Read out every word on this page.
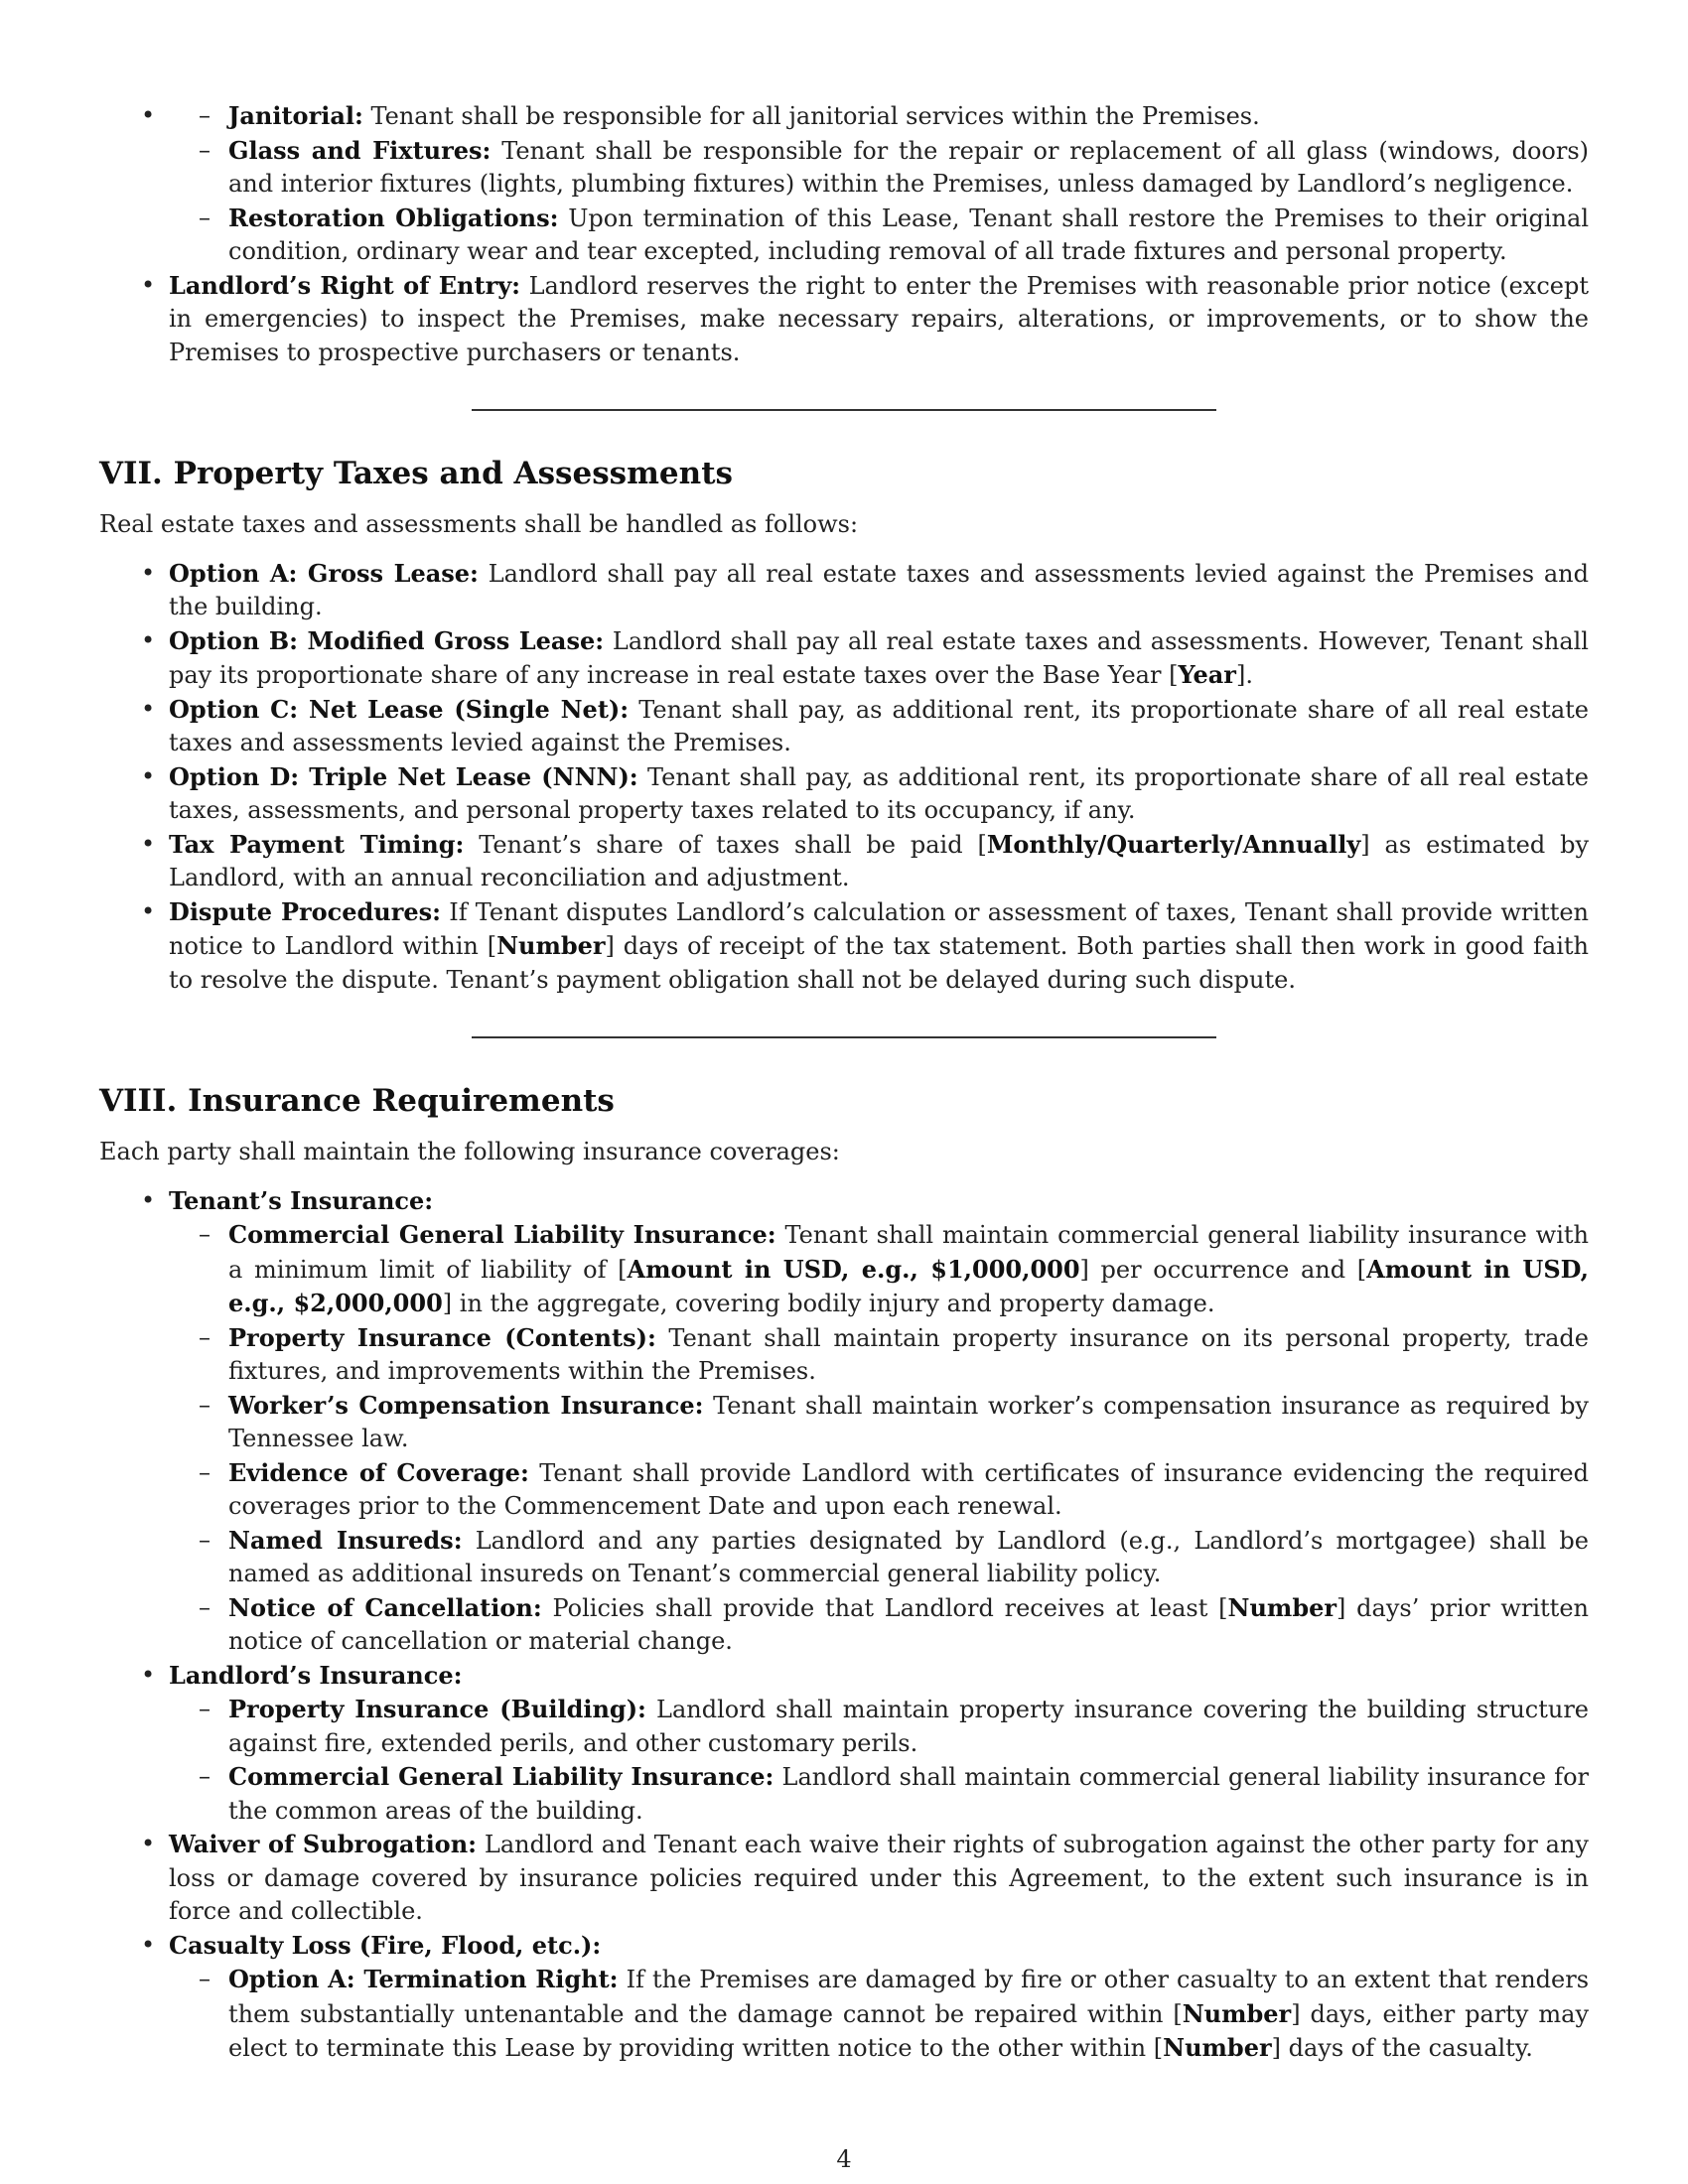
– • Janitorial: Tenant shall be responsible for all janitorial services within the Premises.
– Glass and Fixtures: Tenant shall be responsible for the repair or replacement of all glass (windows, doors) and interior fixtures (lights, plumbing fixtures) within the Premises, unless damaged by Landlord’s negligence.
– Restoration Obligations: Upon termination of this Lease, Tenant shall restore the Premises to their original condition, ordinary wear and tear excepted, including removal of all trade fixtures and personal property.
• Landlord’s Right of Entry: Landlord reserves the right to enter the Premises with reasonable prior notice (except in emergencies) to inspect the Premises, make necessary repairs, alterations, or improvements, or to show the Premises to prospective purchasers or tenants.
VII. Property Taxes and Assessments

Real estate taxes and assessments shall be handled as follows:

• Option A: Gross Lease: Landlord shall pay all real estate taxes and assessments levied against the Premises and the building.
• Option B: Modified Gross Lease: Landlord shall pay all real estate taxes and assessments. However, Tenant shall pay its proportionate share of any increase in real estate taxes over the Base Year [Year].
• Option C: Net Lease (Single Net): Tenant shall pay, as additional rent, its proportionate share of all real estate taxes and assessments levied against the Premises.
• Option D: Triple Net Lease (NNN): Tenant shall pay, as additional rent, its proportionate share of all real estate taxes, assessments, and personal property taxes related to its occupancy, if any.
• Tax Payment Timing: Tenant’s share of taxes shall be paid [Monthly/Quarterly/Annually] as estimated by Landlord, with an annual reconciliation and adjustment.
• Dispute Procedures: If Tenant disputes Landlord’s calculation or assessment of taxes, Tenant shall provide written notice to Landlord within [Number] days of receipt of the tax statement. Both parties shall then work in good faith to resolve the dispute. Tenant’s payment obligation shall not be delayed during such dispute.
VIII. Insurance Requirements

Each party shall maintain the following insurance coverages:

• Tenant’s Insurance:
– Commercial General Liability Insurance: Tenant shall maintain commercial general liability insurance with a minimum limit of liability of [Amount in USD, e.g., $1,000,000] per occurrence and [Amount in USD, e.g., $2,000,000] in the aggregate, covering bodily injury and property damage.
– Property Insurance (Contents): Tenant shall maintain property insurance on its personal property, trade fixtures, and improvements within the Premises.
– Worker’s Compensation Insurance: Tenant shall maintain worker’s compensation insurance as required by Tennessee law.
– Evidence of Coverage: Tenant shall provide Landlord with certificates of insurance evidencing the required coverages prior to the Commencement Date and upon each renewal.
– Named Insureds: Landlord and any parties designated by Landlord (e.g., Landlord’s mortgagee) shall be named as additional insureds on Tenant’s commercial general liability policy.
– Notice of Cancellation: Policies shall provide that Landlord receives at least [Number] days’ prior written notice of cancellation or material change.
• Landlord’s Insurance:
– Property Insurance (Building): Landlord shall maintain property insurance covering the building structure against fire, extended perils, and other customary perils.
– Commercial General Liability Insurance: Landlord shall maintain commercial general liability insurance for the common areas of the building.
• Waiver of Subrogation: Landlord and Tenant each waive their rights of subrogation against the other party for any loss or damage covered by insurance policies required under this Agreement, to the extent such insurance is in force and collectible.
• Casualty Loss (Fire, Flood, etc.):
– Option A: Termination Right: If the Premises are damaged by fire or other casualty to an extent that renders them substantially untenantable and the damage cannot be repaired within [Number] days, either party may elect to terminate this Lease by providing written notice to the other within [Number] days of the casualty.
4
